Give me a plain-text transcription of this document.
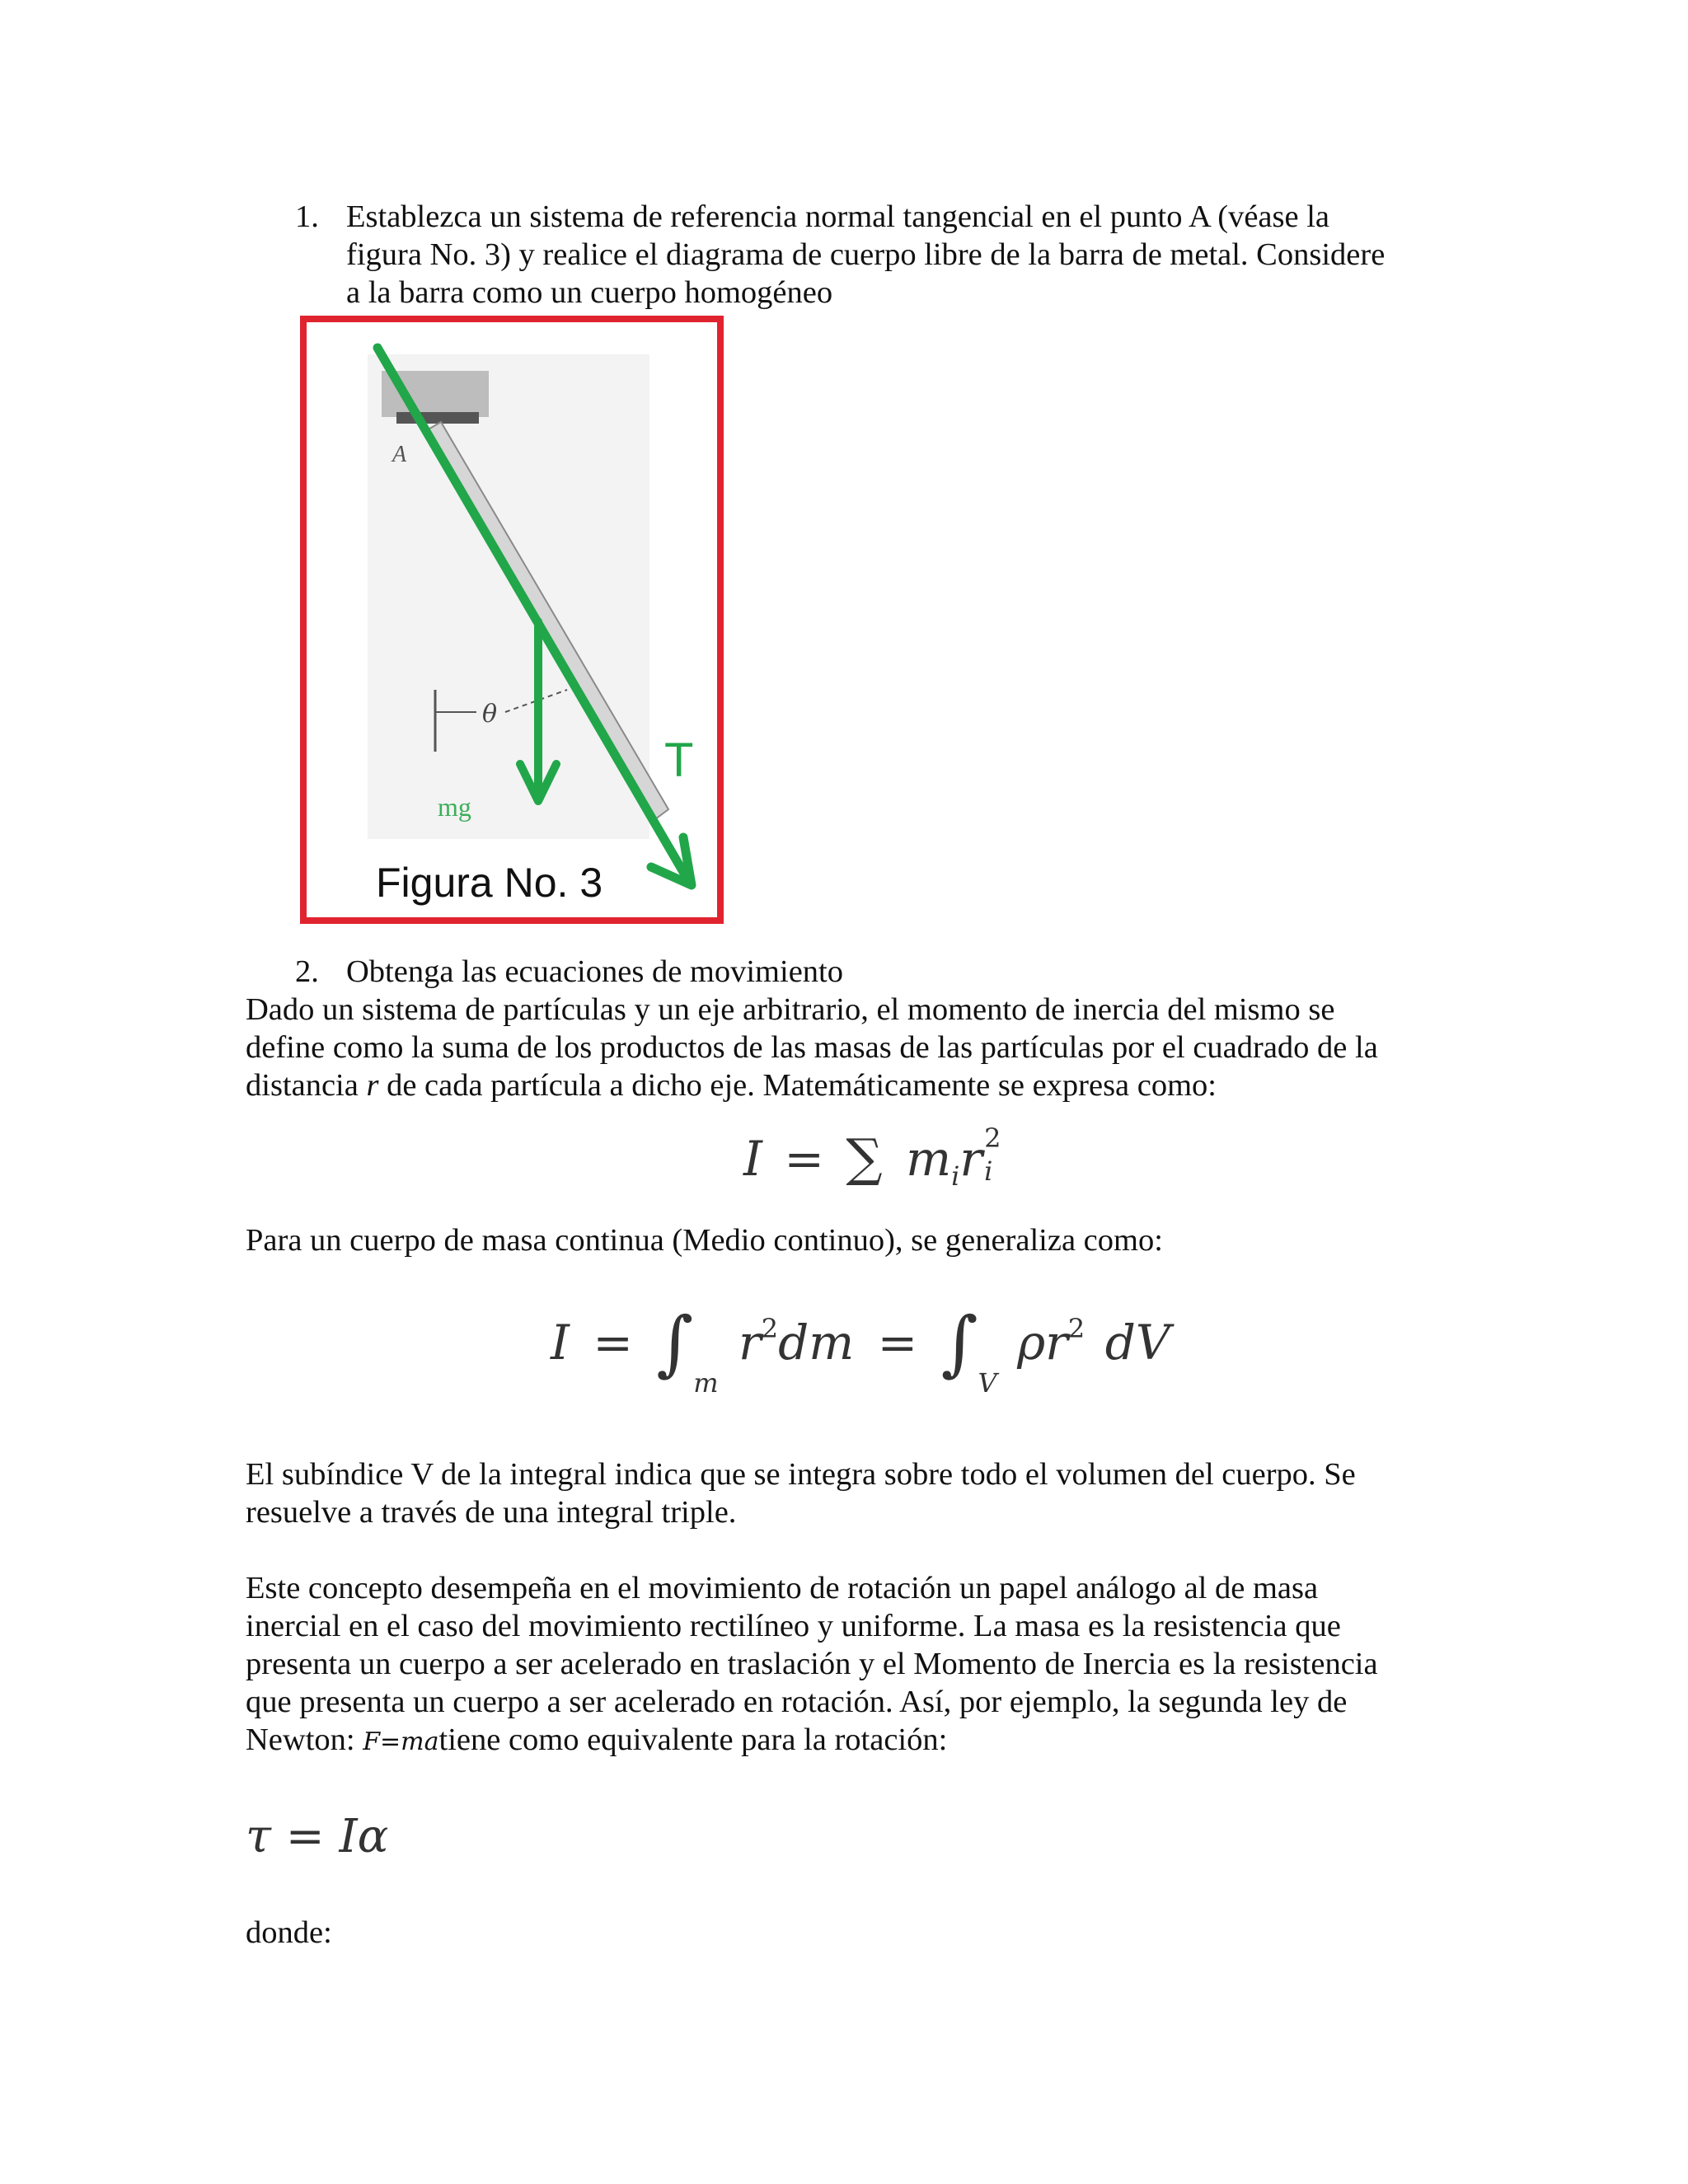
1. Establezca un sistema de referencia normal tangencial en el punto A (véase la
figura No. 3) y realice el diagrama de cuerpo libre de la barra de metal. Considere
a la barra como un cuerpo homogéneo
A
θ
mg
T
Figura No. 3
2. Obtenga las ecuaciones de movimiento
Dado un sistema de partículas y un eje arbitrario, el momento de inercia del mismo se
define como la suma de los productos de las masas de las partículas por el cuadrado de la
distancia r de cada partícula a dicho eje. Matemáticamente se expresa como:
I = ∑ $m_ir$ 2
i
Para un cuerpo de masa continua (Medio continuo), se generaliza como:
$I = \int_m$ $r^2dm = \int_V$ $\rho r^2$ dV
El subíndice V de la integral indica que se integra sobre todo el volumen del cuerpo. Se
resuelve a través de una integral triple.
Este concepto desempeña en el movimiento de rotación un papel análogo al de masa
inercial en el caso del movimiento rectilíneo y uniforme. La masa es la resistencia que
presenta un cuerpo a ser acelerado en traslación y el Momento de Inercia es la resistencia
que presenta un cuerpo a ser acelerado en rotación. Así, por ejemplo, la segunda ley de
Newton: F=matiene como equivalente para la rotación:
τ = Iα
donde:
